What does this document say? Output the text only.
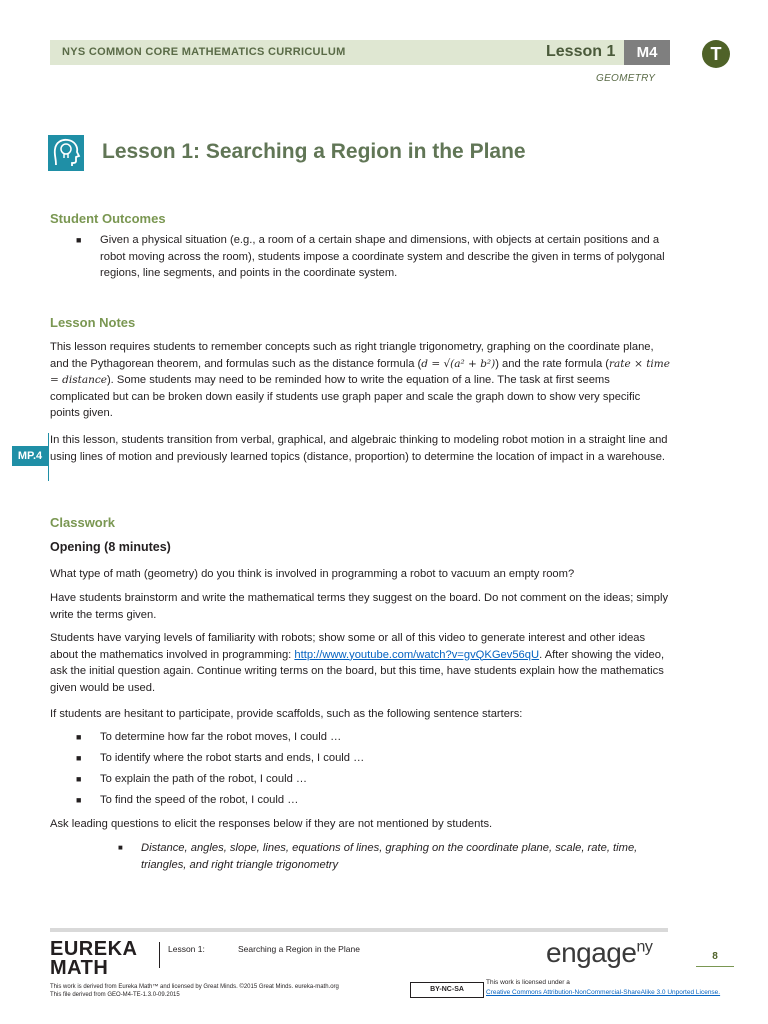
NYS COMMON CORE MATHEMATICS CURRICULUM	Lesson 1	M4
GEOMETRY
T
Lesson 1: Searching a Region in the Plane
Student Outcomes
■ Given a physical situation (e.g., a room of a certain shape and dimensions, with objects at certain positions and a robot moving across the room), students impose a coordinate system and describe the given in terms of polygonal regions, line segments, and points in the coordinate system.
Lesson Notes
This lesson requires students to remember concepts such as right triangle trigonometry, graphing on the coordinate plane, and the Pythagorean theorem, and formulas such as the distance formula (d = √(a² + b²)) and the rate formula (rate × time = distance). Some students may need to be reminded how to write the equation of a line. The task at first seems complicated but can be broken down easily if students use graph paper and scale the graph down to show very specific points given.
MP.4
In this lesson, students transition from verbal, graphical, and algebraic thinking to modeling robot motion in a straight line and using lines of motion and previously learned topics (distance, proportion) to determine the location of impact in a warehouse.
Classwork
Opening (8 minutes)
What type of math (geometry) do you think is involved in programming a robot to vacuum an empty room?
Have students brainstorm and write the mathematical terms they suggest on the board. Do not comment on the ideas; simply write the terms given.
Students have varying levels of familiarity with robots; show some or all of this video to generate interest and other ideas about the mathematics involved in programming: http://www.youtube.com/watch?v=gvQKGev56qU. After showing the video, ask the initial question again. Continue writing terms on the board, but this time, have students explain how the mathematics given would be used.
If students are hesitant to participate, provide scaffolds, such as the following sentence starters:
■ To determine how far the robot moves, I could …
■ To identify where the robot starts and ends, I could …
■ To explain the path of the robot, I could …
■ To find the speed of the robot, I could …
Ask leading questions to elicit the responses below if they are not mentioned by students.
■ Distance, angles, slope, lines, equations of lines, graphing on the coordinate plane, scale, rate, time, triangles, and right triangle trigonometry
EUREKA
MATH
Lesson 1:	Searching a Region in the Plane	engage$^{ny}$
8
This work is derived from Eureka Math™ and licensed by Great Minds. ©2015 Great Minds. eureka-math.org
This file derived from GEO-M4-TE-1.3.0-09.2015
BY-NC-SA
This work is licensed under a
Creative Commons Attribution-NonCommercial-ShareAlike 3.0 Unported License.
